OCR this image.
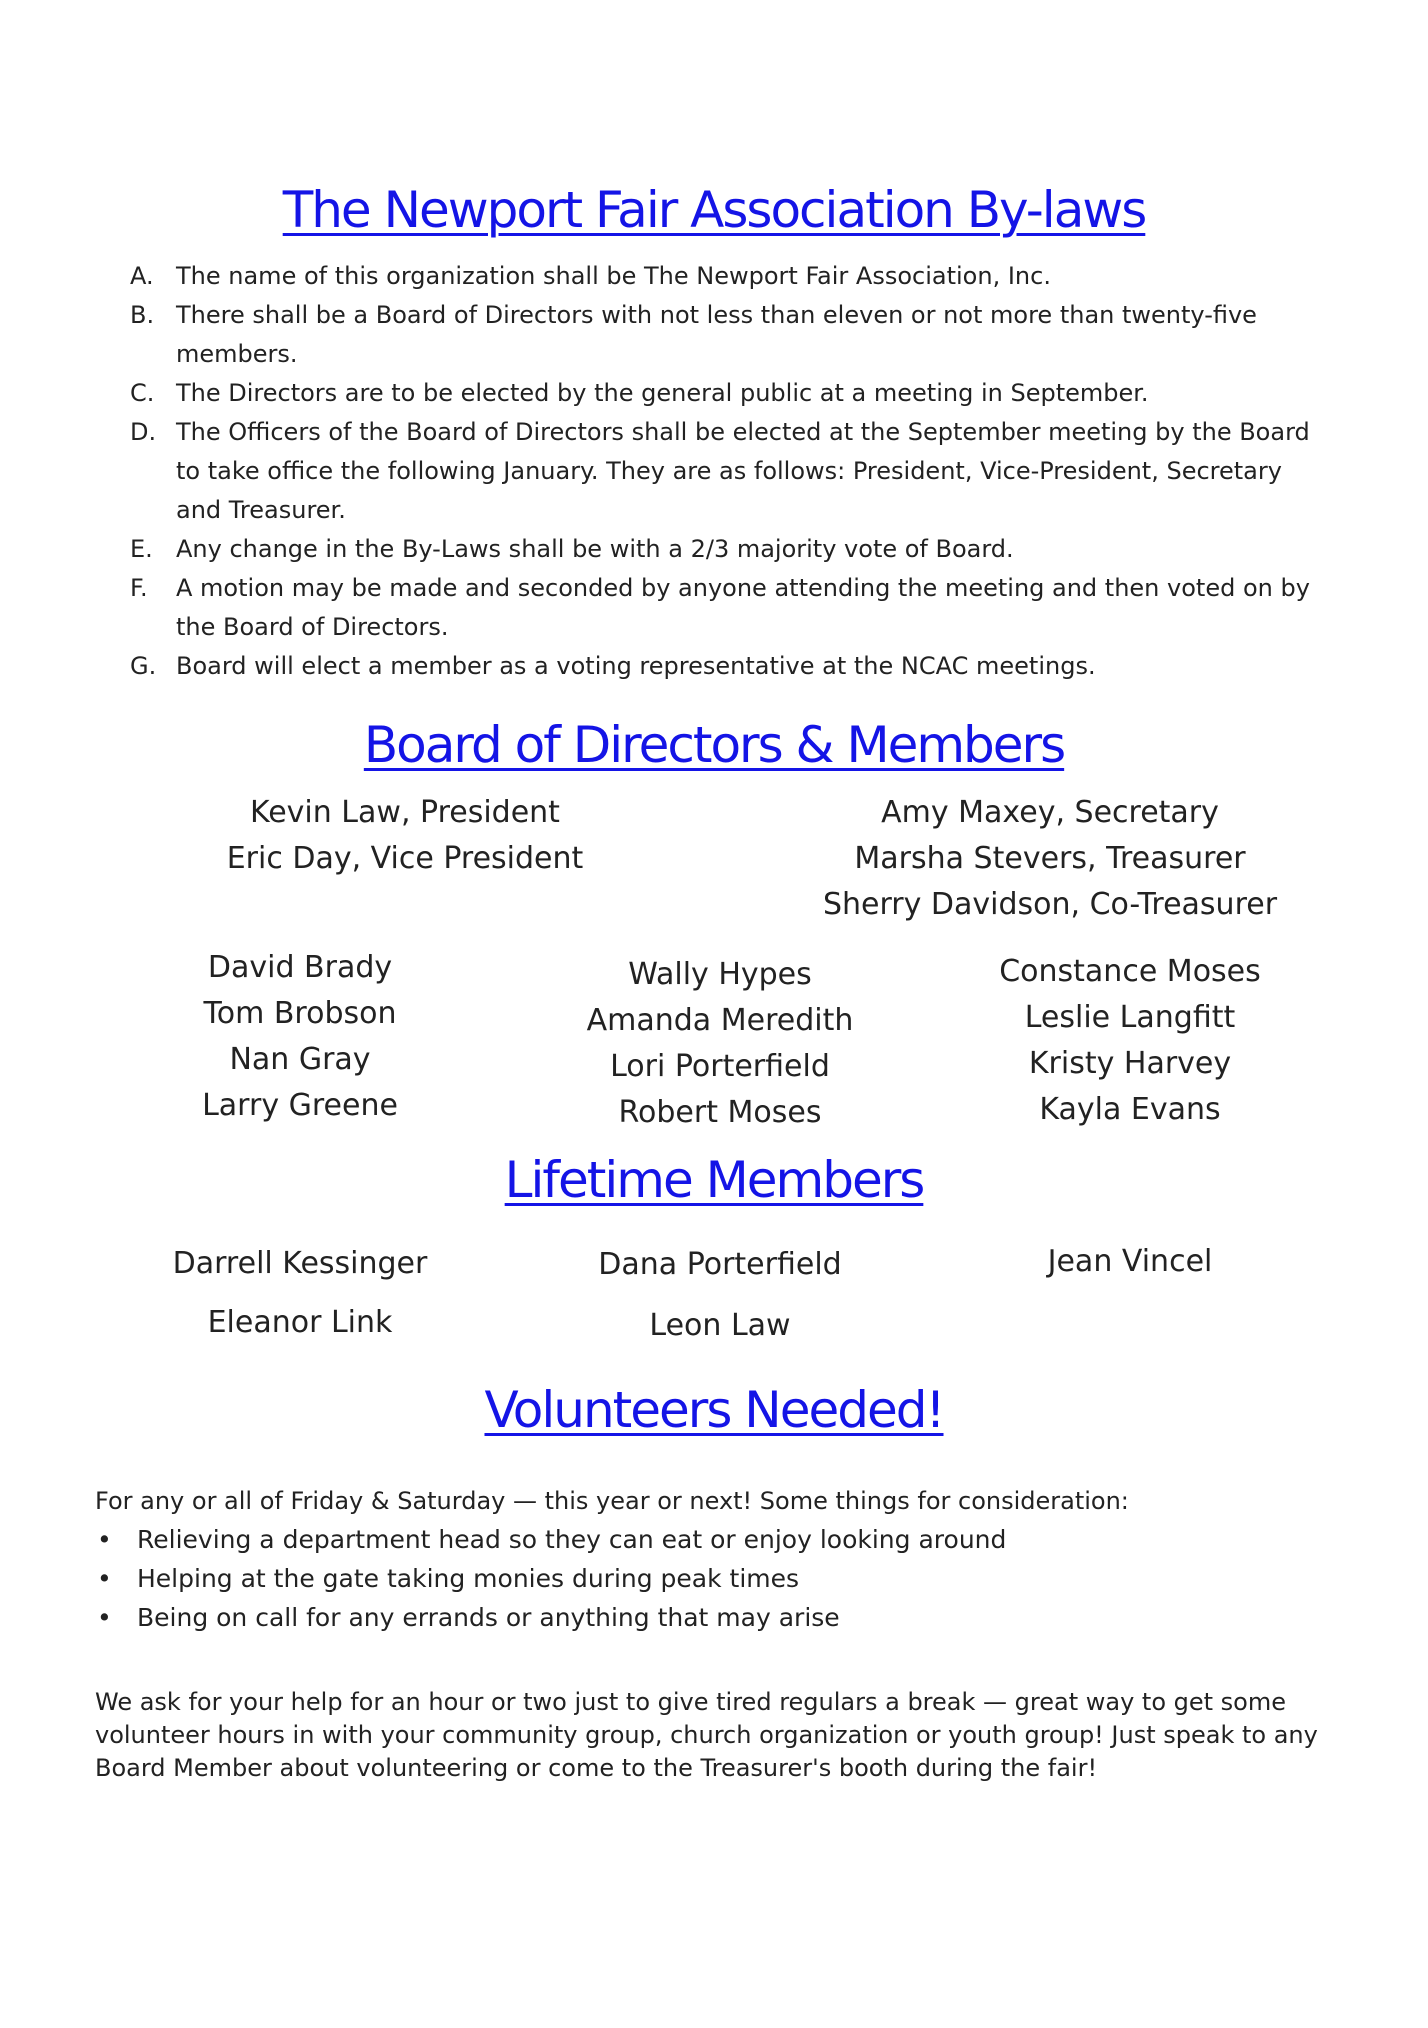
The Newport Fair Association By-laws
A. The name of this organization shall be The Newport Fair Association, Inc.
B. There shall be a Board of Directors with not less than eleven or not more than twenty-five members.
C. The Directors are to be elected by the general public at a meeting in September.
D. The Officers of the Board of Directors shall be elected at the September meeting by the Board to take office the following January. They are as follows: President, Vice-President, Secretary and Treasurer.
E. Any change in the By-Laws shall be with a 2/3 majority vote of Board.
F.	A motion may be made and seconded by anyone attending the meeting and then voted on by the Board of Directors.
G. Board will elect a member as a voting representative at the NCAC meetings.
Board of Directors & Members
Kevin Law, President
Eric Day, Vice President
Amy Maxey, Secretary
Marsha Stevers, Treasurer
Sherry Davidson, Co-Treasurer
David Brady
Tom Brobson
Nan Gray
Larry Greene
Wally Hypes
Amanda Meredith
Lori Porterfield
Robert Moses
Constance Moses
Leslie Langfitt
Kristy Harvey
Kayla Evans
Lifetime Members
Darrell Kessinger
Eleanor Link
Dana Porterfield
Leon Law
Jean Vincel
Volunteers Needed!

For any or all of Friday & Saturday — this year or next! Some things for consideration:

• Relieving a department head so they can eat or enjoy looking around
• Helping at the gate taking monies during peak times
• Being on call for any errands or anything that may arise

We ask for your help for an hour or two just to give tired regulars a break — great way to get some volunteer hours in with your community group, church organization or youth group! Just speak to any Board Member about volunteering or come to the Treasurer's booth during the fair!
